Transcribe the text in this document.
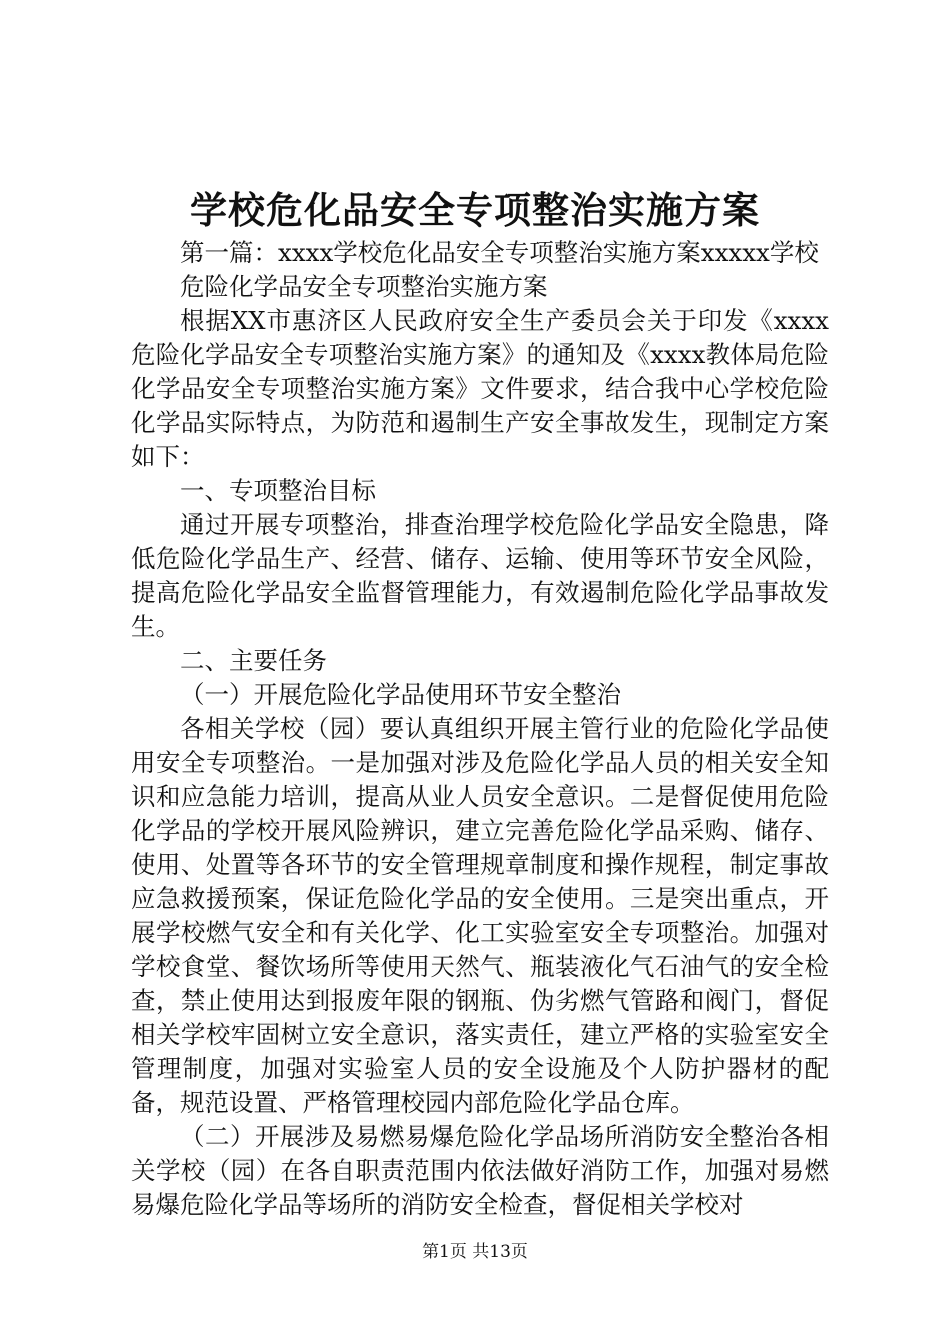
学校危化品安全专项整治实施方案

第一篇：xxxx学校危化品安全专项整治实施方案xxxxx学校

危险化学品安全专项整治实施方案

根据XX市惠济区人民政府安全生产委员会关于印发《xxxx危险化学品安全专项整治实施方案》的通知及《xxxx教体局危险化学品安全专项整治实施方案》文件要求，结合我中心学校危险化学品实际特点，为防范和遏制生产安全事故发生，现制定方案如下：

一、专项整治目标

通过开展专项整治，排查治理学校危险化学品安全隐患，降低危险化学品生产、经营、储存、运输、使用等环节安全风险，提高危险化学品安全监督管理能力，有效遏制危险化学品事故发生。

二、主要任务

（一）开展危险化学品使用环节安全整治

各相关学校（园）要认真组织开展主管行业的危险化学品使用安全专项整治。一是加强对涉及危险化学品人员的相关安全知识和应急能力培训，提高从业人员安全意识。二是督促使用危险化学品的学校开展风险辨识，建立完善危险化学品采购、储存、使用、处置等各环节的安全管理规章制度和操作规程，制定事故应急救援预案，保证危险化学品的安全使用。三是突出重点，开展学校燃气安全和有关化学、化工实验室安全专项整治。加强对学校食堂、餐饮场所等使用天然气、瓶装液化气石油气的安全检查，禁止使用达到报废年限的钢瓶、伪劣燃气管路和阀门，督促相关学校牢固树立安全意识，落实责任，建立严格的实验室安全管理制度，加强对实验室人员的安全设施及个人防护器材的配备，规范设置、严格管理校园内部危险化学品仓库。

（二）开展涉及易燃易爆危险化学品场所消防安全整治各相关学校（园）在各自职责范围内依法做好消防工作，加强对易燃易爆危险化学品等场所的消防安全检查，督促相关学校对

第1页 共13页
